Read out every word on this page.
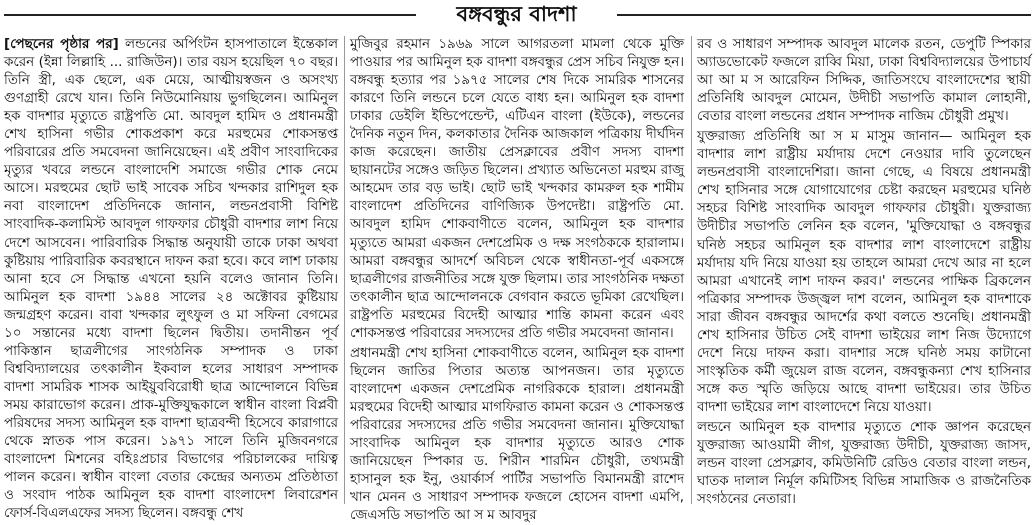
বঙ্গবন্ধুর বাদশা

[পেছনের পৃষ্ঠার পর] লন্ডনের অর্পিংটন হাসপাতালে ইন্তেকাল করেন (ইন্না লিল্লাহি ... রাজিউন)। তার বয়স হয়েছিল ৭০ বছর। তিনি স্ত্রী, এক ছেলে, এক মেয়ে, আত্মীয়স্বজন ও অসংখ্য গুণগ্রাহী রেখে যান। তিনি নিউমোনিয়ায় ভুগছিলেন। আমিনুল হক বাদশার মৃত্যুতে রাষ্ট্রপতি মো. আবদুল হামিদ ও প্রধানমন্ত্রী শেখ হাসিনা গভীর শোকপ্রকাশ করে মরহুমের শোকসন্তপ্ত পরিবারের প্রতি সমবেদনা জানিয়েছেন। এই প্রবীণ সাংবাদিকের মৃত্যুর খবরে লন্ডনে বাংলাদেশি সমাজে গভীর শোক নেমে আসে। মরহুমের ছোট ভাই সাবেক সচিব খন্দকার রাশিদুল হক নবা বাংলাদেশ প্রতিদিনকে জানান, লন্ডনপ্রবাসী বিশিষ্ট সাংবাদিক-কলামিস্ট আবদুল গাফফার চৌধুরী বাদশার লাশ নিয়ে দেশে আসবেন। পারিবারিক সিদ্ধান্ত অনুযায়ী তাকে ঢাকা অথবা কুষ্টিয়ায় পারিবারিক কবরস্থানে দাফন করা হবে। কবে লাশ ঢাকায় আনা হবে সে সিদ্ধান্ত এখনো হয়নি বলেও জানান তিনি। আমিনুল হক বাদশা ১৯৪৪ সালের ২৪ অক্টোবর কুষ্টিয়ায় জন্মগ্রহণ করেন। বাবা খন্দকার লুৎফুল ও মা সফিনা বেগমের ১০ সন্তানের মধ্যে বাদশা ছিলেন দ্বিতীয়। তদানীন্তন পূর্ব পাকিস্তান ছাত্রলীগের সাংগঠনিক সম্পাদক ও ঢাকা বিশ্ববিদ্যালয়ের তৎকালীন ইকবাল হলের সাধারণ সম্পাদক বাদশা সামরিক শাসক আইয়ুববিরোধী ছাত্র আন্দোলনে বিভিন্ন সময় কারাভোগ করেন। প্রাক-মুক্তিযুদ্ধকালে স্বাধীন বাংলা বিপ্লবী পরিষদের সদস্য আমিনুল হক বাদশা ছাত্রবন্দী হিসেবে কারাগারে থেকে স্নাতক পাস করেন। ১৯৭১ সালে তিনি মুজিবনগরে বাংলাদেশ মিশনের বহিঃপ্রচার বিভাগের পরিচালকের দায়িত্ব পালন করেন। স্বাধীন বাংলা বেতার কেন্দ্রের অন্যতম প্রতিষ্ঠাতা ও সংবাদ পাঠক আমিনুল হক বাদশা বাংলাদেশ লিবারেশন ফোর্স-বিএলএফের সদস্য ছিলেন। বঙ্গবন্ধু শেখ

মুজিবুর রহমান ১৯৬৯ সালে আগরতলা মামলা থেকে মুক্তি পাওয়ার পর আমিনুল হক বাদশা বঙ্গবন্ধুর প্রেস সচিব নিযুক্ত হন। বঙ্গবন্ধু হত্যার পর ১৯৭৫ সালের শেষ দিকে সামরিক শাসনের কারণে তিনি লন্ডনে চলে যেতে বাধ্য হন। আমিনুল হক বাদশা ঢাকার ডেইলি ইন্ডিপেন্ডেন্ট, এটিএন বাংলা (ইউকে), লন্ডনের দৈনিক নতুন দিন, কলকাতার দৈনিক আজকাল পত্রিকায় দীর্ঘদিন কাজ করেছেন। জাতীয় প্রেসক্লাবের প্রবীণ সদস্য বাদশা ছায়ানটের সঙ্গেও জড়িত ছিলেন। প্রখ্যাত অভিনেতা মরহুম রাজু আহমেদ তার বড় ভাই। ছোট ভাই খন্দকার কামরুল হক শামীম বাংলাদেশ প্রতিদিনের বাণিজ্যিক উপদেষ্টা। রাষ্ট্রপতি মো. আবদুল হামিদ শোকবাণীতে বলেন, আমিনুল হক বাদশার মৃত্যুতে আমরা একজন দেশপ্রেমিক ও দক্ষ সংগঠককে হারালাম। আমরা বঙ্গবন্ধুর আদর্শে অবিচল থেকে স্বাধীনতা-পূর্ব একসঙ্গে ছাত্রলীগের রাজনীতির সঙ্গে যুক্ত ছিলাম। তার সাংগঠনিক দক্ষতা তৎকালীন ছাত্র আন্দোলনকে বেগবান করতে ভূমিকা রেখেছিল। রাষ্ট্রপতি মরহুমের বিদেহী আত্মার শান্তি কামনা করেন এবং শোকসন্তপ্ত পরিবারের সদস্যদের প্রতি গভীর সমবেদনা জানান।

প্রধানমন্ত্রী শেখ হাসিনা শোকবাণীতে বলেন, আমিনুল হক বাদশা ছিলেন জাতির পিতার অত্যন্ত আপনজন। তার মৃত্যুতে বাংলাদেশ একজন দেশপ্রেমিক নাগরিককে হারাল। প্রধানমন্ত্রী মরহুমের বিদেহী আত্মার মাগফিরাত কামনা করেন ও শোকসন্তপ্ত পরিবারের সদস্যদের প্রতি গভীর সমবেদনা জানান। মুক্তিযোদ্ধা সাংবাদিক আমিনুল হক বাদশার মৃত্যুতে আরও শোক জানিয়েছেন স্পিকার ড. শিরীন শারমিন চৌধুরী, তথ্যমন্ত্রী হাসানুল হক ইনু, ওয়ার্কার্স পার্টির সভাপতি বিমানমন্ত্রী রাশেদ খান মেনন ও সাধারণ সম্পাদক ফজলে হোসেন বাদশা এমপি, জেএসডি সভাপতি আ স ম আবদুর

রব ও সাধারণ সম্পাদক আবদুল মালেক রতন, ডেপুটি স্পিকার অ্যাডভোকেট ফজলে রাব্বি মিয়া, ঢাকা বিশ্ববিদ্যালয়ের উপাচার্য আ আ ম স আরেফিন সিদ্দিক, জাতিসংঘে বাংলাদেশের স্থায়ী প্রতিনিধি আবদুল মোমেন, উদীচী সভাপতি কামাল লোহানী, বেতার বাংলা লন্ডনের প্রধান সম্পাদক নাজিম চৌধুরী প্রমুখ।

যুক্তরাজ্য প্রতিনিধি আ স ম মাসুম জানান— আমিনুল হক বাদশার লাশ রাষ্ট্রীয় মর্যাদায় দেশে নেওয়ার দাবি তুলেছেন লন্ডনপ্রবাসী বাংলাদেশিরা। জানা গেছে, এ বিষয়ে প্রধানমন্ত্রী শেখ হাসিনার সঙ্গে যোগাযোগের চেষ্টা করছেন মরহুমের ঘনিষ্ঠ সহচর বিশিষ্ট সাংবাদিক আবদুল গাফফার চৌধুরী। যুক্তরাজ্য উদীচীর সভাপতি লেনিন হক বলেন, 'মুক্তিযোদ্ধা ও বঙ্গবন্ধুর ঘনিষ্ঠ সহচর আমিনুল হক বাদশার লাশ বাংলাদেশে রাষ্ট্রীয় মর্যাদায় যদি নিয়ে যাওয়া হয় তাহলে আমরা দেখে আর না হলে আমরা এখানেই লাশ দাফন করব।' লন্ডনের পাক্ষিক ব্রিকলেন পত্রিকার সম্পাদক উজ্জ্বল দাশ বলেন, আমিনুল হক বাদশাকে সারা জীবন বঙ্গবন্ধুর আদর্শের কথা বলতে শুনেছি। প্রধানমন্ত্রী শেখ হাসিনার উচিত সেই বাদশা ভাইয়ের লাশ নিজ উদ্যোগে দেশে নিয়ে দাফন করা। বাদশার সঙ্গে ঘনিষ্ঠ সময় কাটানো সাংস্কৃতিক কর্মী জুয়েল রাজ বলেন, বঙ্গবন্ধুকন্যা শেখ হাসিনার সঙ্গে কত স্মৃতি জড়িয়ে আছে বাদশা ভাইয়ের। তার উচিত বাদশা ভাইয়ের লাশ বাংলাদেশে নিয়ে যাওয়া।

লন্ডনে আমিনুল হক বাদশার মৃত্যুতে শোক জ্ঞাপন করেছেন যুক্তরাজ্য আওয়ামী লীগ, যুক্তরাজ্য উদীচী, যুক্তরাজ্য জাসদ, লন্ডন বাংলা প্রেসক্লাব, কমিউনিটি রেডিও বেতার বাংলা লন্ডন, ঘাতক দালাল নির্মূল কমিটিসহ বিভিন্ন সামাজিক ও রাজনৈতিক সংগঠনের নেতারা।
